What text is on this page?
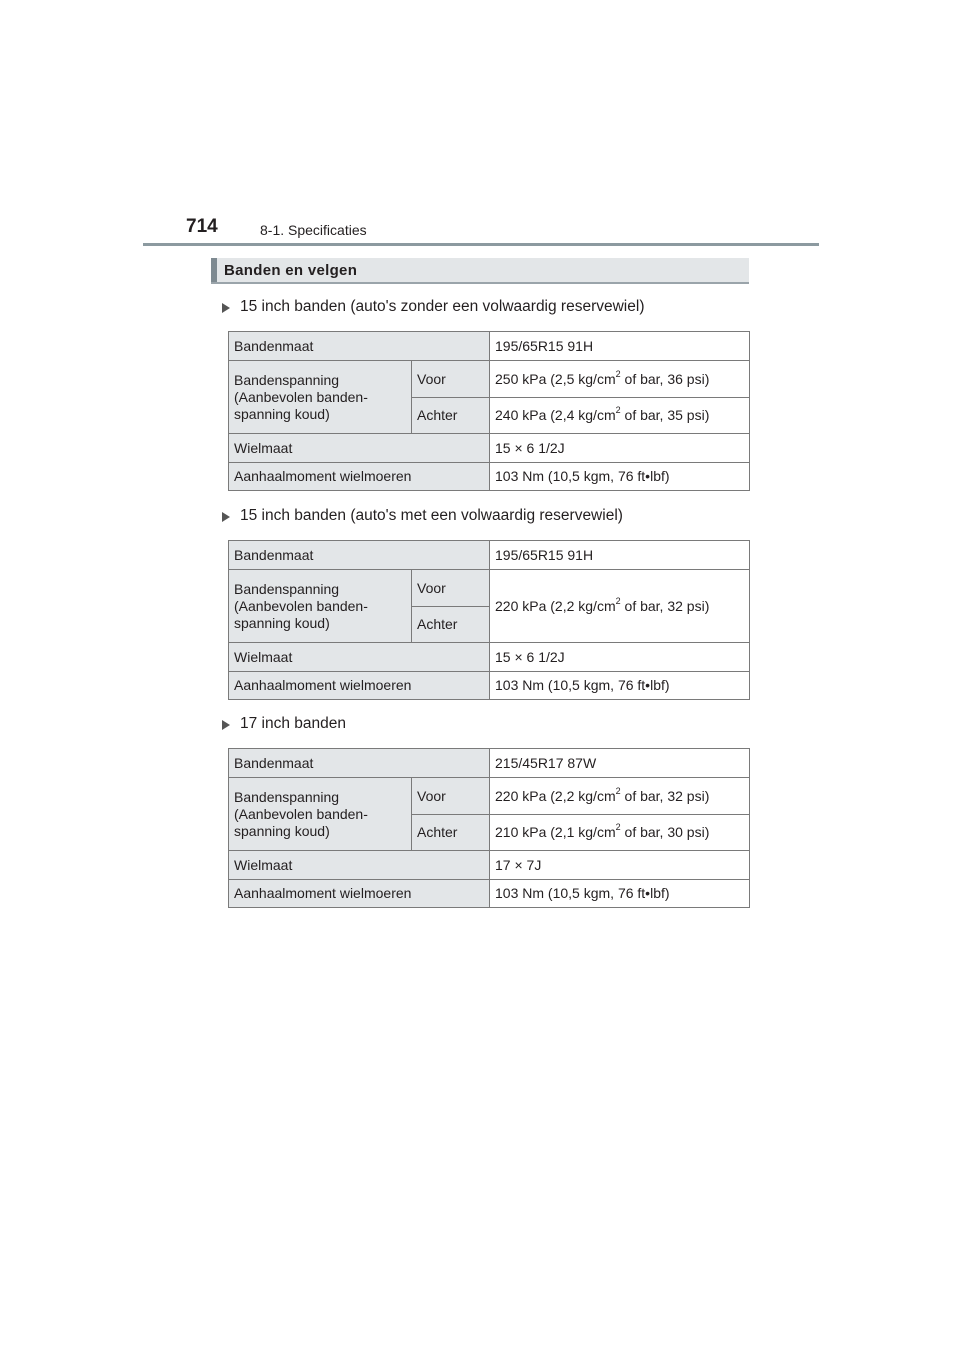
714	8-1. Specificaties
Banden en velgen
15 inch banden (auto's zonder een volwaardig reservewiel)
Bandenmaat		195/65R15 91H
Bandenspanning (Aanbevolen banden-spanning koud)	Voor	250 kPa (2,5 $kg/cm^2$ of bar, 36 psi)
	Achter	240 kPa (2,4 $kg/cm^2$ of bar, 35 psi)
Wielmaat		15 × 6 1/2J
Aanhaalmoment wielmoeren		103 Nm (10,5 kgm, 76 ft•lbf)
15 inch banden (auto's met een volwaardig reservewiel)
Bandenmaat		195/65R15 91H
Bandenspanning (Aanbevolen banden-spanning koud)	Voor	220 kPa (2,2 $kg/cm^2$ of bar, 32 psi)
	Achter	
Wielmaat		15 × 6 1/2J
Aanhaalmoment wielmoeren		103 Nm (10,5 kgm, 76 ft•lbf)
17 inch banden
Bandenmaat		215/45R17 87W
Bandenspanning (Aanbevolen banden-spanning koud)	Voor	220 kPa (2,2 $kg/cm^2$ of bar, 32 psi)
	Achter	210 kPa (2,1 $kg/cm^2$ of bar, 30 psi)
Wielmaat		17 × 7J
Aanhaalmoment wielmoeren		103 Nm (10,5 kgm, 76 ft•lbf)
